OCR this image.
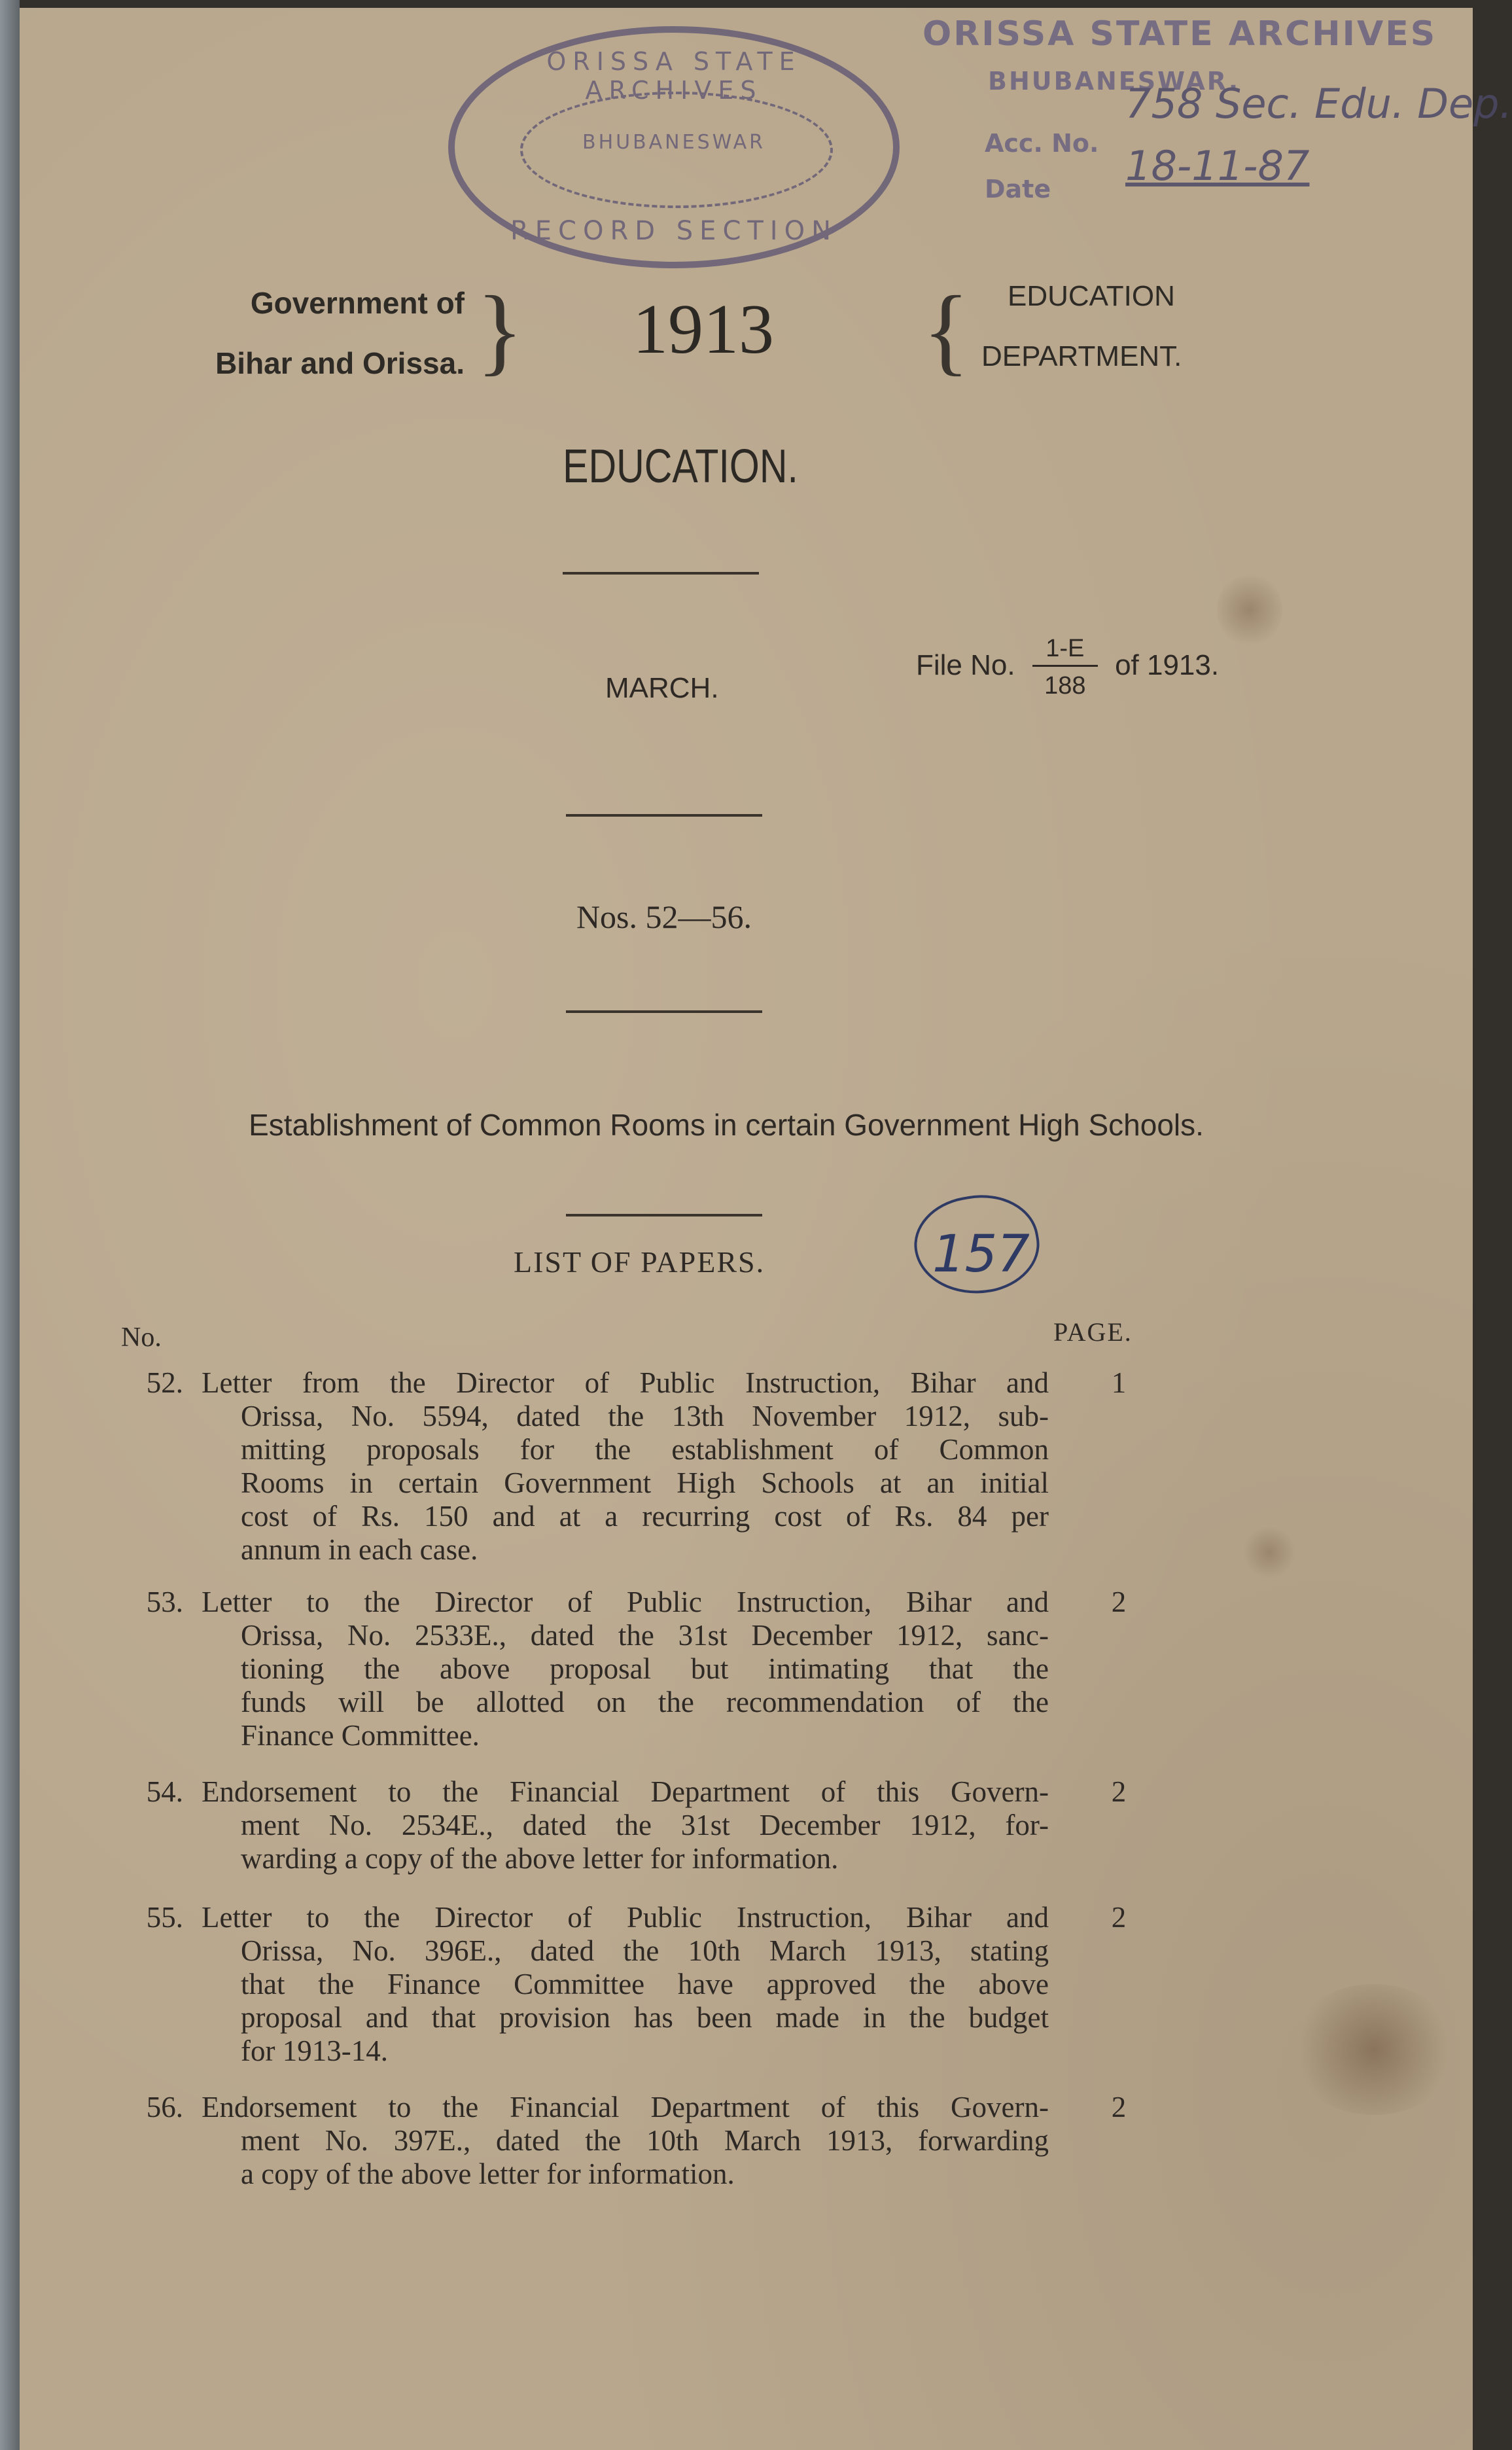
ORISSA STATE ARCHIVES
BHUBANESWAR
RECORD SECTION
ORISSA STATE ARCHIVES
BHUBANESWAR.
Acc. No.
758 Sec. Edu. Dep.
Date 18-11-87
Government of
Bihar and Orissa. }	1913	{	EDUCATION
DEPARTMENT.
EDUCATION.
MARCH.
File No. $\frac{1-E}{188}$ of 1913.
Nos. 52—56.
Establishment of Common Rooms in certain Government High Schools.
LIST OF PAPERS.	157
No.	PAGE.
52. Letter from the Director of Public Instruction, Bihar and
Orissa, No. 5594, dated the 13th November 1912, sub-
mitting proposals for the establishment of Common
Rooms in certain Government High Schools at an initial
cost of Rs. 150 and at a recurring cost of Rs. 84 per
annum in each case.
1
53. Letter to the Director of Public Instruction, Bihar and
Orissa, No. 2533E., dated the 31st December 1912, sanc-
tioning the above proposal but intimating that the
funds will be allotted on the recommendation of the
Finance Committee.
2
54. Endorsement to the Financial Department of this Govern-
ment No. 2534E., dated the 31st December 1912, for-
warding a copy of the above letter for information.
2
55. Letter to the Director of Public Instruction, Bihar and
Orissa, No. 396E., dated the 10th March 1913, stating
that the Finance Committee have approved the above
proposal and that provision has been made in the budget
for 1913-14.
2
56. Endorsement to the Financial Department of this Govern-
ment No. 397E., dated the 10th March 1913, forwarding
a copy of the above letter for information.
2
